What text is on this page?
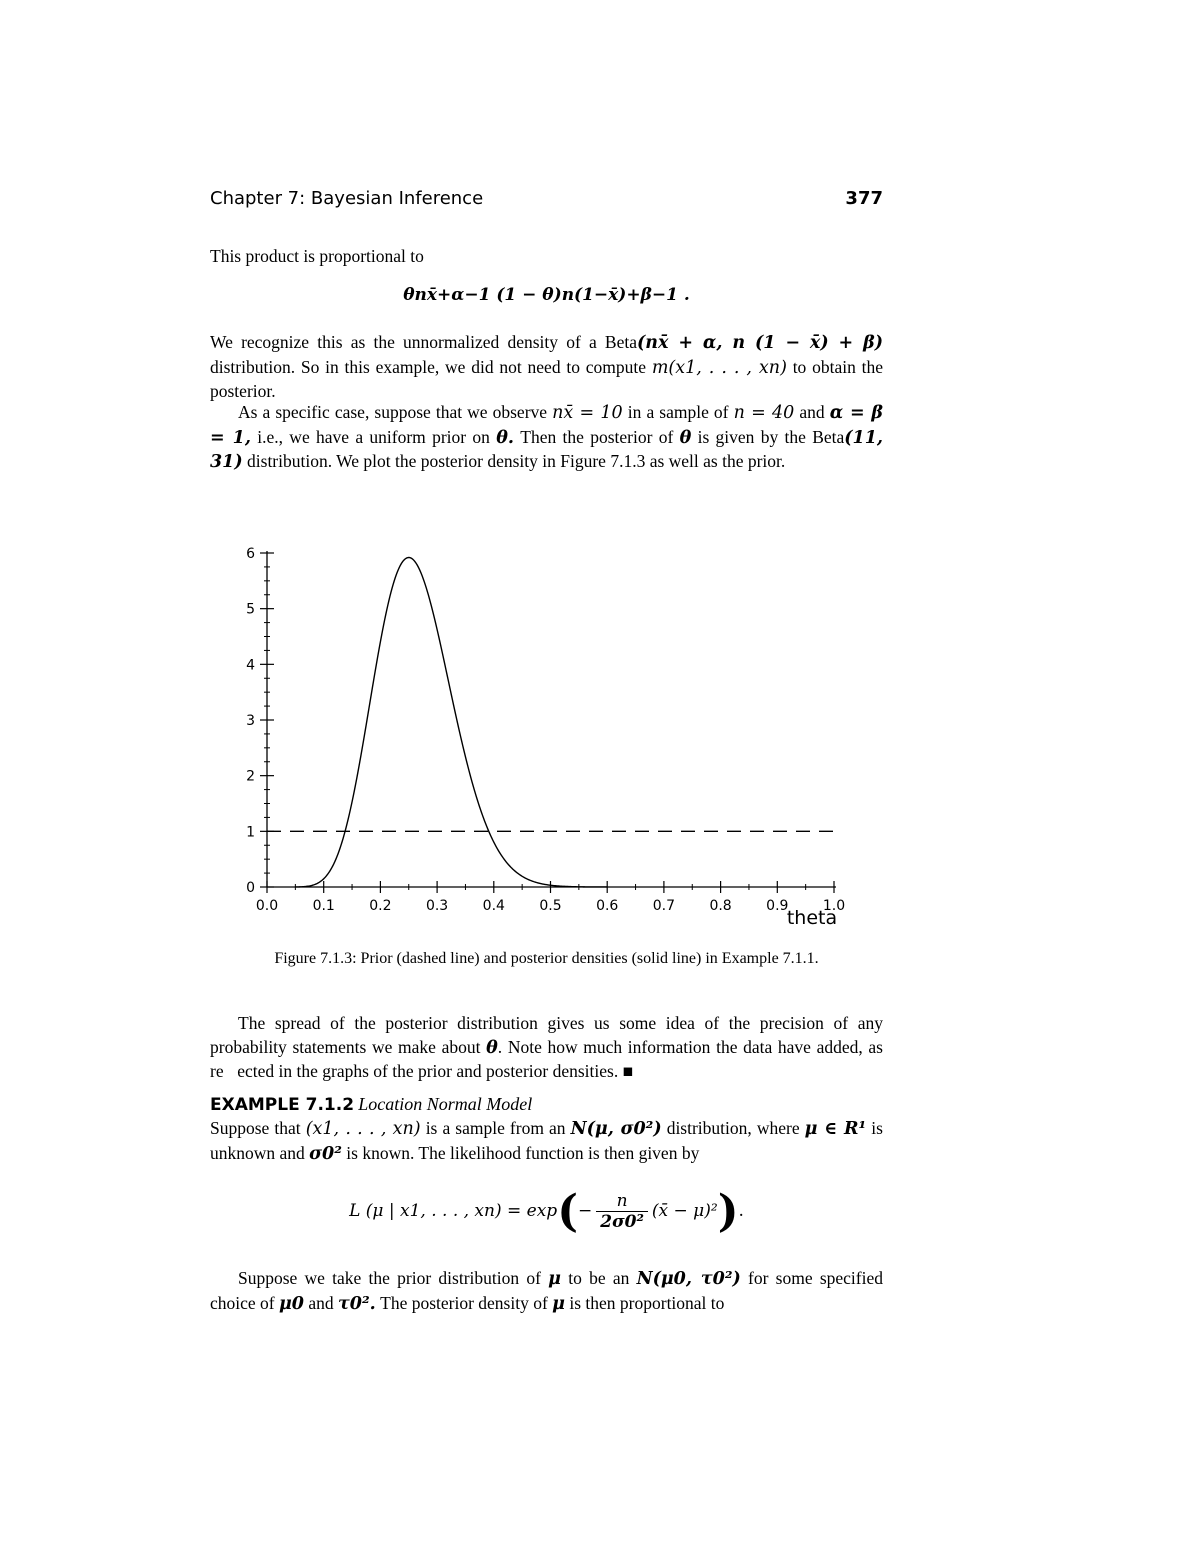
Chapter 7: Bayesian Inference	377
This product is proportional to
θnx̄+α−1 (1 − θ)n(1−x̄)+β−1 .
We recognize this as the unnormalized density of a Beta(nx̄ + α, n (1 − x̄) + β) distribution. So in this example, we did not need to compute m(x1, . . . , xn) to obtain the posterior.
As a specific case, suppose that we observe nx̄ = 10 in a sample of n = 40 and α = β = 1, i.e., we have a uniform prior on θ. Then the posterior of θ is given by the Beta(11, 31) distribution. We plot the posterior density in Figure 7.1.3 as well as the prior.
0.0 0.1 0.2 0.3 0.4 0.5 0.6 0.7 0.8 0.9 1.0
0
1
2
3
4
5
6
theta
Figure 7.1.3: Prior (dashed line) and posterior densities (solid line) in Example 7.1.1.
The spread of the posterior distribution gives us some idea of the precision of any probability statements we make about θ. Note how much information the data have added, as re ected in the graphs of the prior and posterior densities. ■
EXAMPLE 7.1.2 Location Normal Model
Suppose that (x1, . . . , xn) is a sample from an N(μ, σ0²) distribution, where μ ∈ R¹ is unknown and σ0² is known. The likelihood function is then given by
L (μ | x1, . . . , $xn) = \exp(- \frac{n}{\text{2σ0²}}$ (x̄ − μ)²).
Suppose we take the prior distribution of μ to be an N(μ0, τ0²) for some specified choice of μ0 and τ0². The posterior density of μ is then proportional to
